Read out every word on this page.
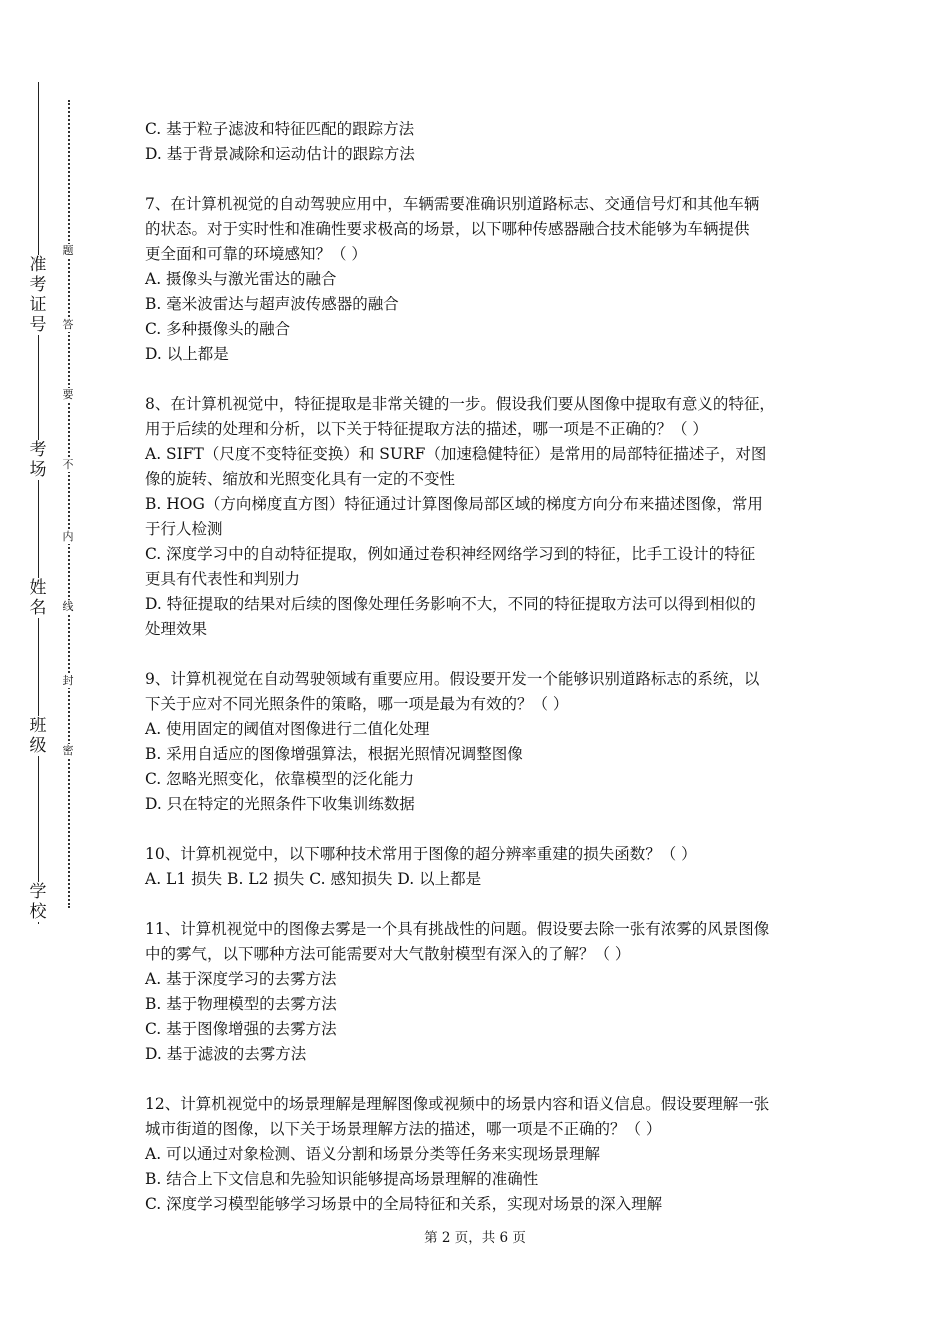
准考证号
考场
姓名
班级
学校
题
答
要
不
内
线
封
密
C. 基于粒子滤波和特征匹配的跟踪方法
D. 基于背景减除和运动估计的跟踪方法
7、在计算机视觉的自动驾驶应用中，车辆需要准确识别道路标志、交通信号灯和其他车辆
的状态。对于实时性和准确性要求极高的场景，以下哪种传感器融合技术能够为车辆提供
更全面和可靠的环境感知？（ ）
A. 摄像头与激光雷达的融合
B. 毫米波雷达与超声波传感器的融合
C. 多种摄像头的融合
D. 以上都是
8、在计算机视觉中，特征提取是非常关键的一步。假设我们要从图像中提取有意义的特征，
用于后续的处理和分析，以下关于特征提取方法的描述，哪一项是不正确的？（ ）
A. SIFT（尺度不变特征变换）和 SURF（加速稳健特征）是常用的局部特征描述子，对图
像的旋转、缩放和光照变化具有一定的不变性
B. HOG（方向梯度直方图）特征通过计算图像局部区域的梯度方向分布来描述图像，常用
于行人检测
C. 深度学习中的自动特征提取，例如通过卷积神经网络学习到的特征，比手工设计的特征
更具有代表性和判别力
D. 特征提取的结果对后续的图像处理任务影响不大，不同的特征提取方法可以得到相似的
处理效果
9、计算机视觉在自动驾驶领域有重要应用。假设要开发一个能够识别道路标志的系统，以
下关于应对不同光照条件的策略，哪一项是最为有效的？（ ）
A. 使用固定的阈值对图像进行二值化处理
B. 采用自适应的图像增强算法，根据光照情况调整图像
C. 忽略光照变化，依靠模型的泛化能力
D. 只在特定的光照条件下收集训练数据
10、计算机视觉中，以下哪种技术常用于图像的超分辨率重建的损失函数？（ ）
A. L1 损失 B. L2 损失 C. 感知损失 D. 以上都是
11、计算机视觉中的图像去雾是一个具有挑战性的问题。假设要去除一张有浓雾的风景图像
中的雾气，以下哪种方法可能需要对大气散射模型有深入的了解？（ ）
A. 基于深度学习的去雾方法
B. 基于物理模型的去雾方法
C. 基于图像增强的去雾方法
D. 基于滤波的去雾方法
12、计算机视觉中的场景理解是理解图像或视频中的场景内容和语义信息。假设要理解一张
城市街道的图像，以下关于场景理解方法的描述，哪一项是不正确的？（ ）
A. 可以通过对象检测、语义分割和场景分类等任务来实现场景理解
B. 结合上下文信息和先验知识能够提高场景理解的准确性
C. 深度学习模型能够学习场景中的全局特征和关系，实现对场景的深入理解
第 2 页，共 6 页
